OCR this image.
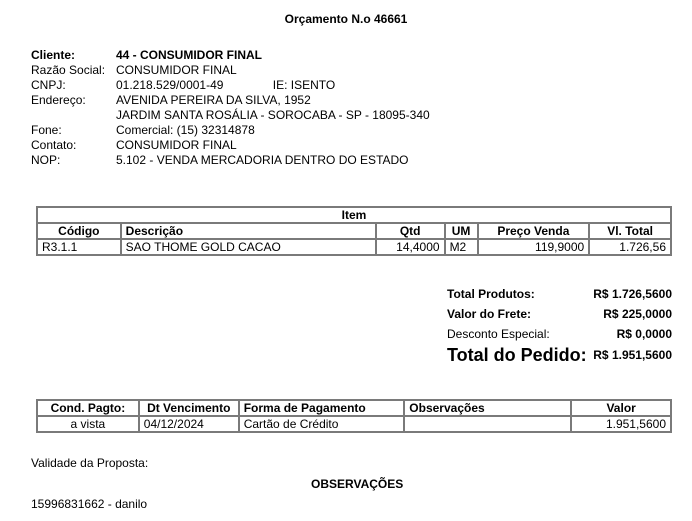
Orçamento N.o 46661
Cliente:	44 - CONSUMIDOR FINAL
Razão Social: CONSUMIDOR FINAL
CNPJ:	01.218.529/0001-49	IE: ISENTO
Endereço:	AVENIDA PEREIRA DA SILVA, 1952
JARDIM SANTA ROSÁLIA - SOROCABA - SP - 18095-340
Fone:	Comercial: (15) 32314878
Contato:	CONSUMIDOR FINAL
NOP:	5.102 - VENDA MERCADORIA DENTRO DO ESTADO
Item					
Código	Descrição	Qtd	UM	Preço Venda	Vl. Total
R3.1.1	SAO THOME GOLD CACAO	14,4000	M2	119,9000	1.726,56
Total Produtos:	R$ 1.726,5600
Valor do Frete:	R$ 225,0000
Desconto Especial:	R$ 0,0000
Total do Pedido: R$ 1.951,5600
Cond. Pagto:	Dt Vencimento	Forma de Pagamento	Observações	Valor
a vista	04/12/2024	Cartão de Crédito		1.951,5600
Validade da Proposta:
OBSERVAÇÕES
15996831662 - danilo
